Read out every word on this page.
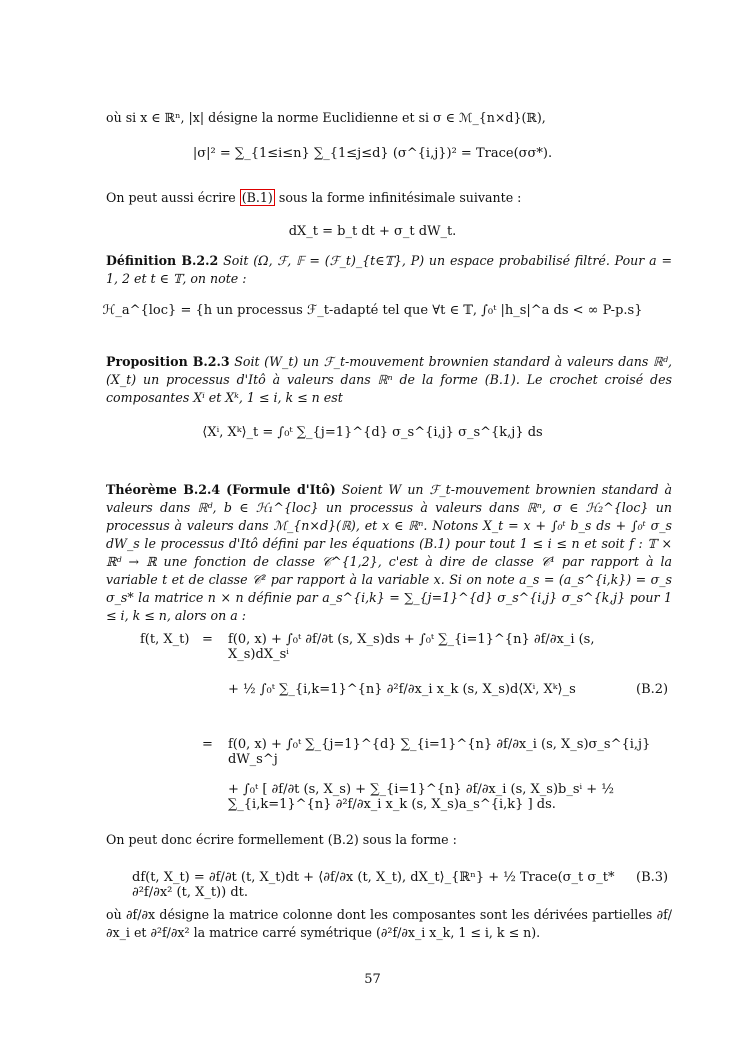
où si x ∈ ℝⁿ, |x| désigne la norme Euclidienne et si σ ∈ ℳ_{n×d}(ℝ),
|σ|² = ∑_{1≤i≤n} ∑_{1≤j≤d} (σ^{i,j})² = Trace(σσ*).
On peut aussi écrire (B.1) sous la forme infinitésimale suivante :
dX_t = b_t dt + σ_t dW_t.
Définition B.2.2 Soit (Ω, ℱ, 𝔽 = (ℱ_t)_{t∈𝕋}, P) un espace probabilisé filtré. Pour a = 1, 2 et t ∈ 𝕋, on note :
ℋ_a^{loc} = {h un processus ℱ_t-adapté tel que ∀t ∈ 𝕋, ∫₀ᵗ |h_s|^a ds < ∞ P-p.s}
Proposition B.2.3 Soit (W_t) un ℱ_t-mouvement brownien standard à valeurs dans ℝᵈ, (X_t) un processus d'Itô à valeurs dans ℝⁿ de la forme (B.1). Le crochet croisé des composantes Xⁱ et Xᵏ, 1 ≤ i, k ≤ n est
⟨Xⁱ, Xᵏ⟩_t = ∫₀ᵗ ∑_{j=1}^{d} σ_s^{i,j} σ_s^{k,j} ds
Théorème B.2.4 (Formule d'Itô) Soient W un ℱ_t-mouvement brownien standard à valeurs dans ℝᵈ, b ∈ ℋ₁^{loc} un processus à valeurs dans ℝⁿ, σ ∈ ℋ₂^{loc} un processus à valeurs dans ℳ_{n×d}(ℝ), et x ∈ ℝⁿ. Notons X_t = x + ∫₀ᵗ b_s ds + ∫₀ᵗ σ_s dW_s le processus d'Itô défini par les équations (B.1) pour tout 1 ≤ i ≤ n et soit f : 𝕋 × ℝᵈ → ℝ une fonction de classe 𝒞^{1,2}, c'est à dire de classe 𝒞¹ par rapport à la variable t et de classe 𝒞² par rapport à la variable x. Si on note a_s = (a_s^{i,k}) = σ_s σ_s* la matrice n × n définie par a_s^{i,k} = ∑_{j=1}^{d} σ_s^{i,j} σ_s^{k,j} pour 1 ≤ i, k ≤ n, alors on a :
f(t, X_t) = f(0, x) + ∫₀ᵗ ∂f/∂t (s, X_s)ds + ∫₀ᵗ ∑_{i=1}^{n} ∂f/∂x_i (s, X_s)dX_sⁱ
+ ½ ∫₀ᵗ ∑_{i,k=1}^{n} ∂²f/∂x_i x_k (s, X_s)d⟨Xⁱ, Xᵏ⟩_s	(B.2)
= f(0, x) + ∫₀ᵗ ∑_{j=1}^{d} ∑_{i=1}^{n} ∂f/∂x_i (s, X_s)σ_s^{i,j} dW_s^j
+ ∫₀ᵗ [ ∂f/∂t (s, X_s) + ∑_{i=1}^{n} ∂f/∂x_i (s, X_s)b_sⁱ + ½ ∑_{i,k=1}^{n} ∂²f/∂x_i x_k (s, X_s)a_s^{i,k} ] ds.
On peut donc écrire formellement (B.2) sous la forme :
df(t, X_t) = ∂f/∂t (t, X_t)dt + ⟨∂f/∂x (t, X_t), dX_t⟩_{ℝⁿ} + ½ Trace(σ_t σ_t* ∂²f/∂x² (t, X_t)) dt.
(B.3)
où ∂f/∂x désigne la matrice colonne dont les composantes sont les dérivées partielles ∂f/∂x_i et ∂²f/∂x² la matrice carré symétrique (∂²f/∂x_i x_k, 1 ≤ i, k ≤ n).
57
